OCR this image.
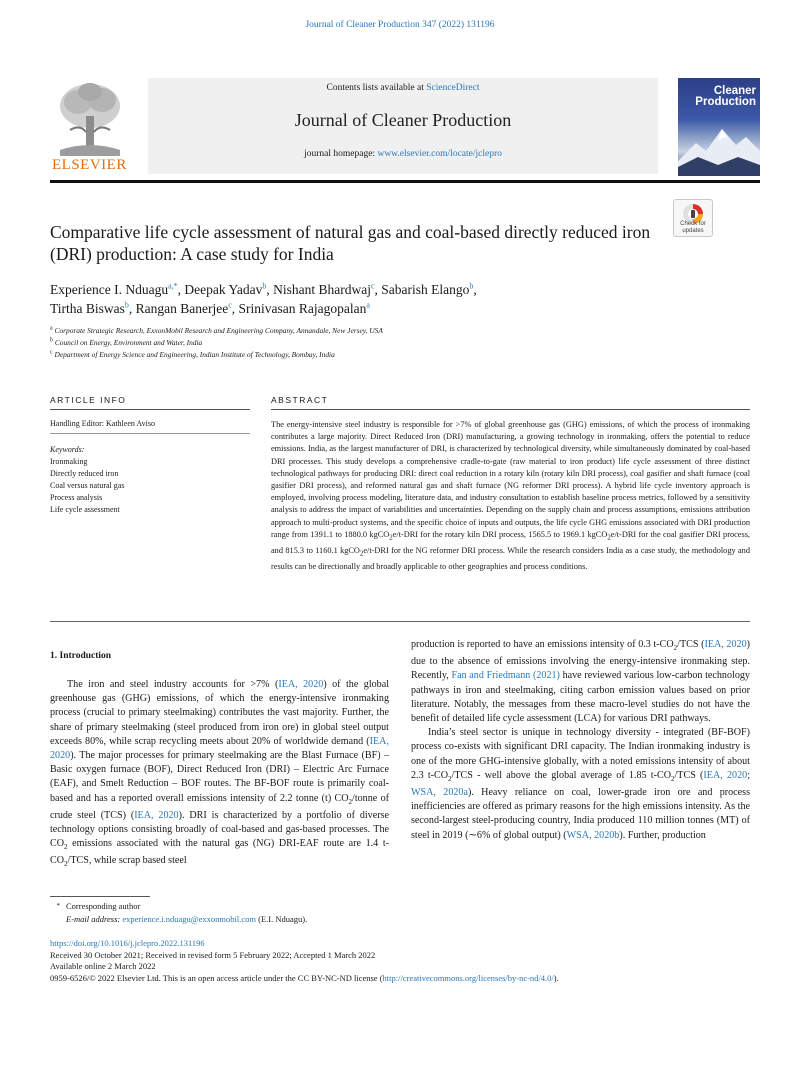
Journal of Cleaner Production 347 (2022) 131196
ELSEVIER
Contents lists available at ScienceDirect
Journal of Cleaner Production
journal homepage: www.elsevier.com/locate/jclepro
Cleaner
Production
Check for
updates
Comparative life cycle assessment of natural gas and coal-based directly reduced iron (DRI) production: A case study for India
Experience I. Nduagu$^{a,*}$, Deepak Yadav$^b$, Nishant Bhardwaj$^c$, Sabarish Elango$^b$,
Tirtha Biswas$^b$, Rangan Banerjee$^c$, Srinivasan Rajagopalan$^a$
$^a$ Corporate Strategic Research, ExxonMobil Research and Engineering Company, Annandale, New Jersey, USA
$^b$ Council on Energy, Environment and Water, India
$^c$ Department of Energy Science and Engineering, Indian Institute of Technology, Bombay, India
ARTICLE INFO	ABSTRACT
Handling Editor: Kathleen Aviso
Keywords:
Ironmaking
Directly reduced iron
Coal versus natural gas
Process analysis
Life cycle assessment
The energy-intensive steel industry is responsible for >7% of global greenhouse gas (GHG) emissions, of which the process of ironmaking contributes a large majority. Direct Reduced Iron (DRI) manufacturing, a growing technology in ironmaking, offers the potential to reduce emissions. India, as the largest manufacturer of DRI, is characterized by technological diversity, while simultaneously dominated by coal-based DRI processes. This study develops a comprehensive cradle-to-gate (raw material to iron product) life cycle assessment of three distinct technological pathways for producing DRI: direct coal reduction in a rotary kiln (rotary kiln DRI process), coal gasifier and shaft furnace (coal gasifier DRI process), and reformed natural gas and shaft furnace (NG reformer DRI process). A hybrid life cycle inventory approach is employed, involving process modeling, literature data, and industry consultation to establish baseline process metrics, followed by a sensitivity analysis to address the impact of variabilities and uncertainties. Depending on the supply chain and process assumptions, emissions attribution approach to multi-product systems, and the specific choice of inputs and outputs, the life cycle GHG emissions associated with DRI production range from 1391.1 to 1880.0 kgCO$_2$e/t-DRI for the rotary kiln DRI process, 1565.5 to 1969.1 kgCO$_2$e/t-DRI for the coal gasifier DRI process, and 815.3 to 1160.1 kgCO$_2$e/t-DRI for the NG reformer DRI process. While the research considers India as a case study, the methodology and results can be directionally and broadly applicable to other geographies and process conditions.
1. Introduction

The iron and steel industry accounts for >7% (IEA, 2020) of the global greenhouse gas (GHG) emissions, of which the energy-intensive ironmaking process (crucial to primary steelmaking) contributes the vast majority. Further, the share of primary steelmaking (steel produced from iron ore) in global steel output exceeds 80%, while scrap recycling meets about 20% of worldwide demand (IEA, 2020). The major processes for primary steelmaking are the Blast Furnace (BF) – Basic oxygen furnace (BOF), Direct Reduced Iron (DRI) – Electric Arc Furnace (EAF), and Smelt Reduction – BOF routes. The BF-BOF route is primarily coal-based and has a reported overall emissions intensity of 2.2 tonne (t) $CO_2$/tonne of crude steel (TCS) (IEA, 2020). DRI is characterized by a portfolio of diverse technology options consisting broadly of coal-based and gas-based processes. The $CO_2$ emissions associated with the natural gas (NG) DRI-EAF route are 1.4 $t-CO_2$/TCS, while scrap based steel

production is reported to have an emissions intensity of 0.3 $t-CO_2$/TCS (IEA, 2020) due to the absence of emissions involving the energy-intensive ironmaking step. Recently, Fan and Friedmann (2021) have reviewed various low-carbon technology pathways in iron and steelmaking, citing carbon emission values based on prior literature. Notably, the messages from these macro-level studies do not have the benefit of detailed life cycle assessment (LCA) for various DRI pathways.

India’s steel sector is unique in technology diversity - integrated (BF-BOF) process co-exists with significant DRI capacity. The Indian ironmaking industry is one of the more GHG-intensive globally, with a noted emissions intensity of about 2.3 $t-CO_2$/TCS - well above the global average of 1.85 $t-CO_2$/TCS (IEA, 2020; WSA, 2020a). Heavy reliance on coal, lower-grade iron ore and process inefficiencies are offered as primary reasons for the high emissions intensity. As the second-largest steel-producing country, India produced 110 million tonnes (MT) of steel in 2019 (∼6% of global output) (WSA, 2020b). Further, production

* Corresponding author
E-mail address: experience.i.nduagu@exxonmobil.com (E.I. Nduagu).
https://doi.org/10.1016/j.jclepro.2022.131196
Received 30 October 2021; Received in revised form 5 February 2022; Accepted 1 March 2022
Available online 2 March 2022
0959-6526/© 2022 Elsevier Ltd. This is an open access article under the CC BY-NC-ND license (http://creativecommons.org/licenses/by-nc-nd/4.0/).
